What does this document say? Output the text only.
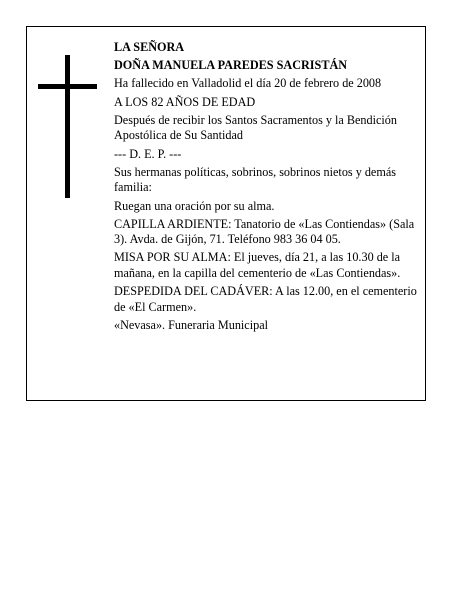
LA SEÑORA

DOÑA MANUELA PAREDES SACRISTÁN

Ha fallecido en Valladolid el día 20 de febrero de 2008

A LOS 82 AÑOS DE EDAD

Después de recibir los Santos Sacramentos y la Bendición Apostólica de Su Santidad

--- D. E. P. ---

Sus hermanas políticas, sobrinos, sobrinos nietos y demás familia:

Ruegan una oración por su alma.

CAPILLA ARDIENTE: Tanatorio de «Las Contiendas» (Sala 3). Avda. de Gijón, 71. Teléfono 983 36 04 05.

MISA POR SU ALMA: El jueves, día 21, a las 10.30 de la mañana, en la capilla del cementerio de «Las Contiendas».

DESPEDIDA DEL CADÁVER: A las 12.00, en el cementerio de «El Carmen».

«Nevasa». Funeraria Municipal
